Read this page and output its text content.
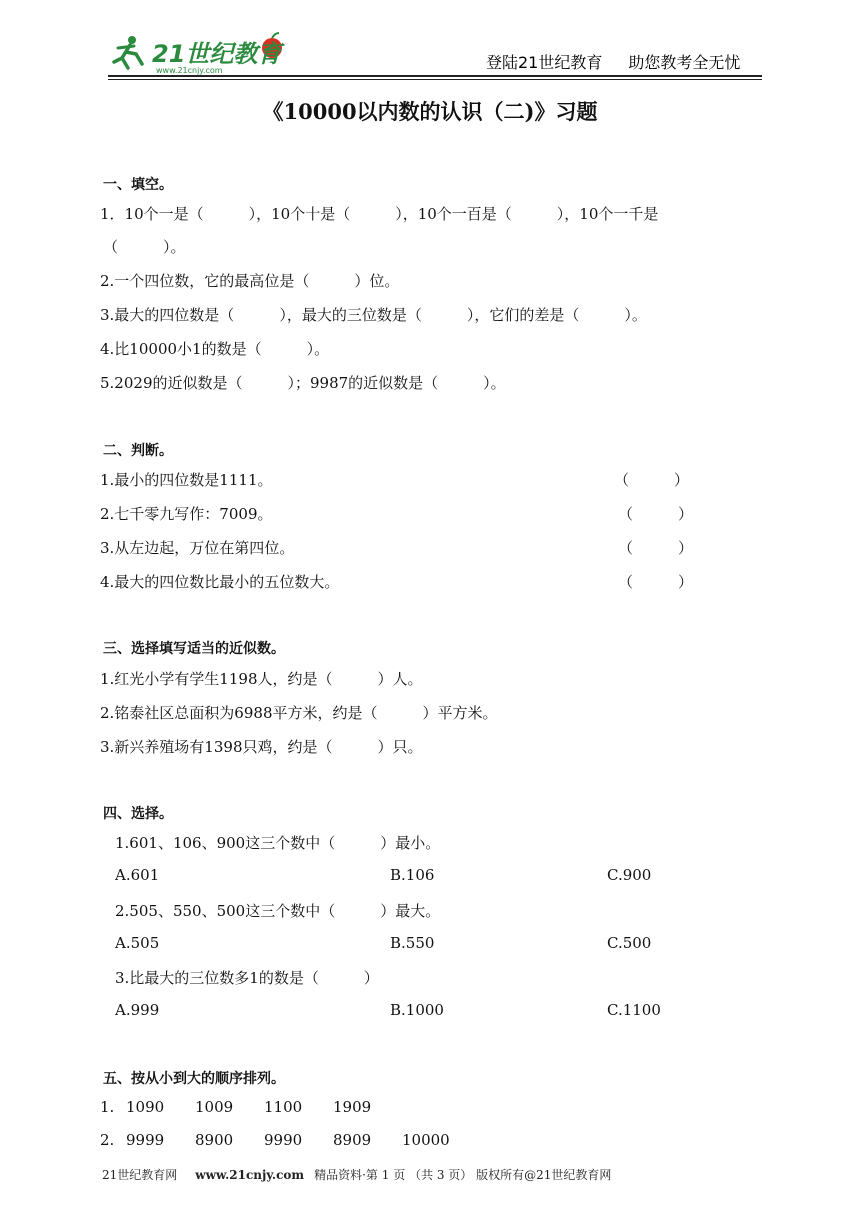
21世纪教育
www.21cnjy.com	登陆21世纪教育 助您教考全无忧
《10000以内数的认识（二)》习题
一、填空。
1．10个一是（　　　），10个十是（　　　），10个一百是（　　　），10个一千是
（　　　）。
2.一个四位数，它的最高位是（　　　）位。
3.最大的四位数是（　　　），最大的三位数是（　　　），它们的差是（　　　）。
4.比10000小1的数是（　　　）。
5.2029的近似数是（　　　）；9987的近似数是（　　　）。
二、判断。
1.最小的四位数是1111。	（　　　）
2.七千零九写作：7009。	（　　　）
3.从左边起，万位在第四位。	（　　　）
4.最大的四位数比最小的五位数大。	（　　　）
三、选择填写适当的近似数。
1.红光小学有学生1198人，约是（　　　）人。
2.铭泰社区总面积为6988平方米，约是（　　　）平方米。
3.新兴养殖场有1398只鸡，约是（　　　）只。
四、选择。
1.601、106、900这三个数中（　　　）最小。
A.601	B.106	C.900
2.505、550、500这三个数中（　　　）最大。
A.505	B.550	C.500
3.比最大的三位数多1的数是（　　　）
A.999	B.1000	C.1100
五、按从小到大的顺序排列。
1. 1090 1009 1100 1909
2. 9999 8900 9990 8909 10000
21世纪教育网 www.21cnjy.com 精品资料·第 1 页 （共 3 页） 版权所有@21世纪教育网
